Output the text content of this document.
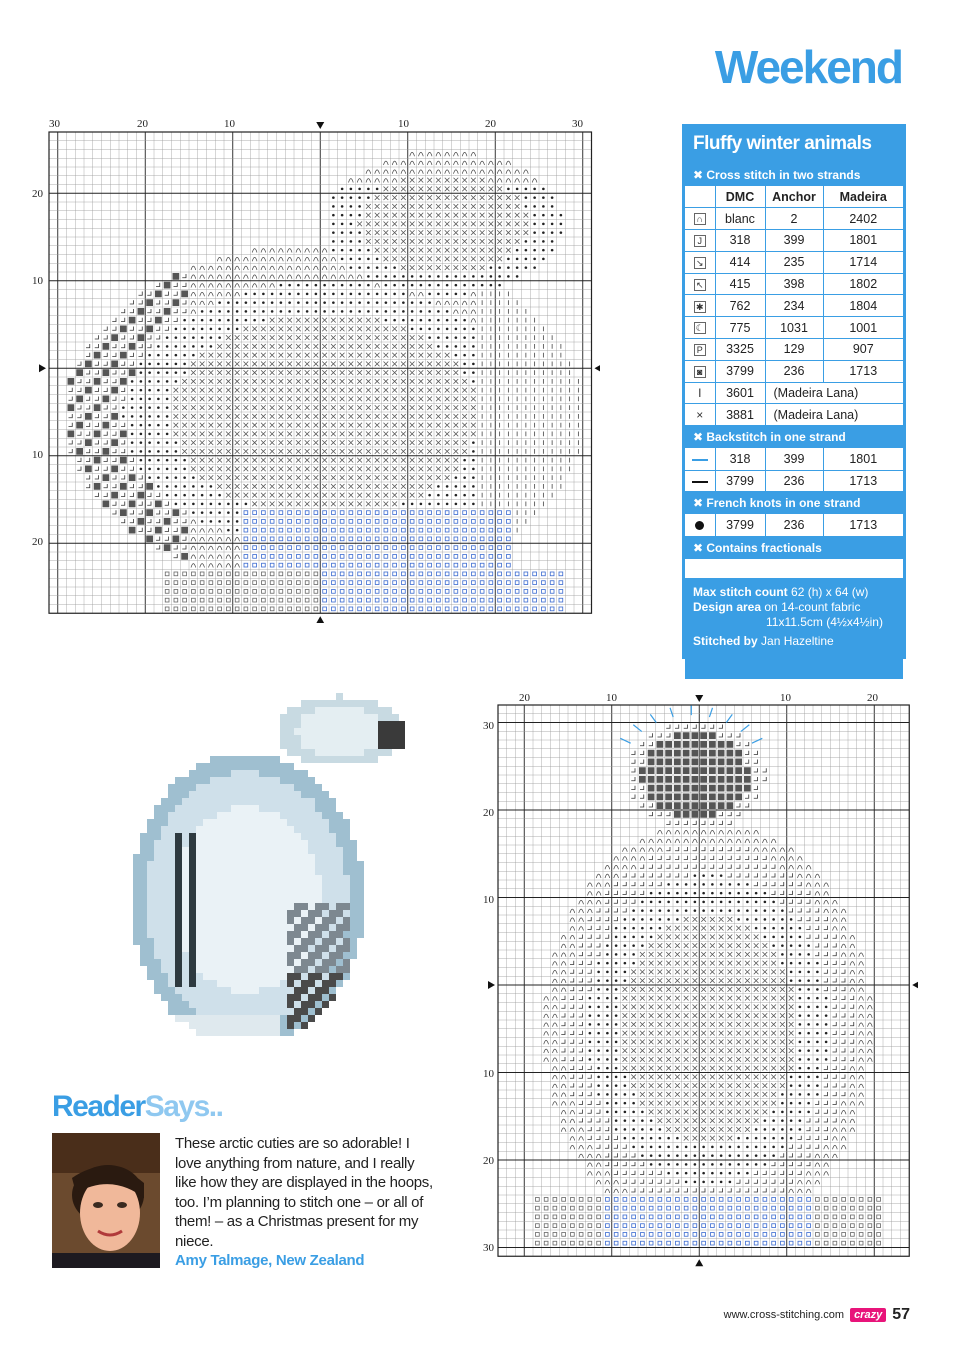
Weekend
30	20	10	10	20	30
20
10
10
20
Fluffy winter animals
✖ Cross stitch in two strands
	DMC	Anchor	Madeira
∩	blanc	2	2402
J	318	399	1801
↘	414	235	1714
↖	415	398	1802
✱	762	234	1804
☾	775	1031	1001
P	3325	129	907
◙	3799	236	1713
I	3601	(Madeira Lana)	
×	3881	(Madeira Lana)	
✖ Backstitch in one strand
	318	399	1801
	3799	236	1713
✖ French knots in one strand
	3799	236	1713
✖ Contains fractionals
Max stitch count 62 (h) x 64 (w)
Design area on 14-count fabric
11x11.5cm (4½x4½in)
Stitched by Jan Hazeltine
20	10	10	20
30
20
10
10
20
30
ReaderSays..
These arctic cuties are so adorable! I love anything from nature, and I really like how they are displayed in the hoops, too. I’m planning to stitch one – or all of them! – as a Christmas present for my niece.
Amy Talmage, New Zealand
www.cross-stitching.com crazy 57
